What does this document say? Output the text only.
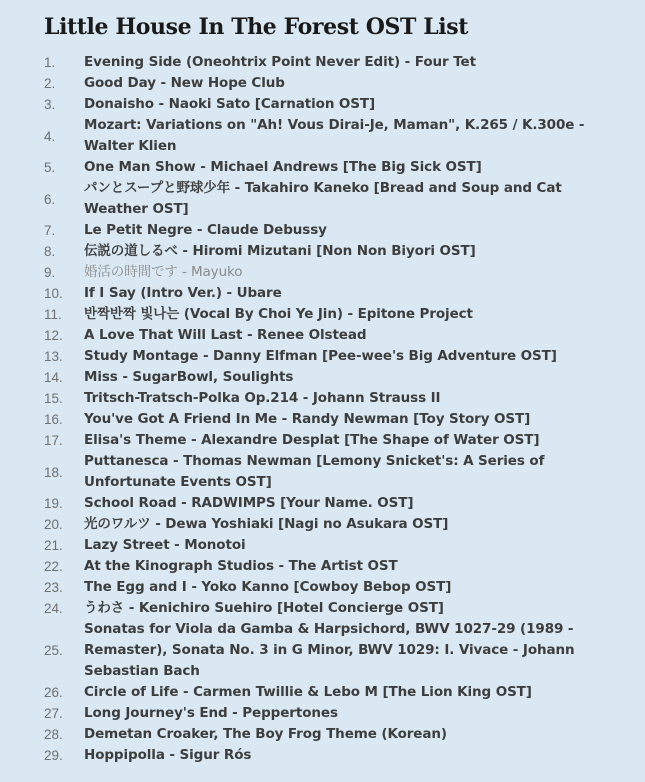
Little House In The Forest OST List
1.	Evening Side (Oneohtrix Point Never Edit) - Four Tet
2.	Good Day - New Hope Club
3.	Donaisho - Naoki Sato [Carnation OST]
4.
Mozart: Variations on "Ah! Vous Dirai-Je, Maman", K.265 / K.300e - Walter Klien
5.	One Man Show - Michael Andrews [The Big Sick OST]
6.
パンとスープと野球少年 - Takahiro Kaneko [Bread and Soup and Cat Weather OST]
7.	Le Petit Negre - Claude Debussy
8.	伝説の道しるべ - Hiromi Mizutani [Non Non Biyori OST]
9.	婚活の時間です - Mayuko
10.	If I Say (Intro Ver.) - Ubare
11.	반짝반짝 빛나는 (Vocal By Choi Ye Jin) - Epitone Project
12.	A Love That Will Last - Renee Olstead
13.	Study Montage - Danny Elfman [Pee-wee's Big Adventure OST]
14.	Miss - SugarBowl, Soulights
15.	Tritsch-Tratsch-Polka Op.214 - Johann Strauss II
16.	You've Got A Friend In Me - Randy Newman [Toy Story OST]
17.	Elisa's Theme - Alexandre Desplat [The Shape of Water OST]
18.
Puttanesca - Thomas Newman [Lemony Snicket's: A Series of Unfortunate Events OST]
19.	School Road - RADWIMPS [Your Name. OST]
20.	光のワルツ - Dewa Yoshiaki [Nagi no Asukara OST]
21.	Lazy Street - Monotoi
22.	At the Kinograph Studios - The Artist OST
23.	The Egg and I - Yoko Kanno [Cowboy Bebop OST]
24.	うわさ - Kenichiro Suehiro [Hotel Concierge OST]
25.
Sonatas for Viola da Gamba & Harpsichord, BWV 1027-29 (1989 - Remaster), Sonata No. 3 in G Minor, BWV 1029: I. Vivace - Johann Sebastian Bach
26.	Circle of Life - Carmen Twillie & Lebo M [The Lion King OST]
27.	Long Journey's End - Peppertones
28.	Demetan Croaker, The Boy Frog Theme (Korean)
29.	Hoppipolla - Sigur Rós
